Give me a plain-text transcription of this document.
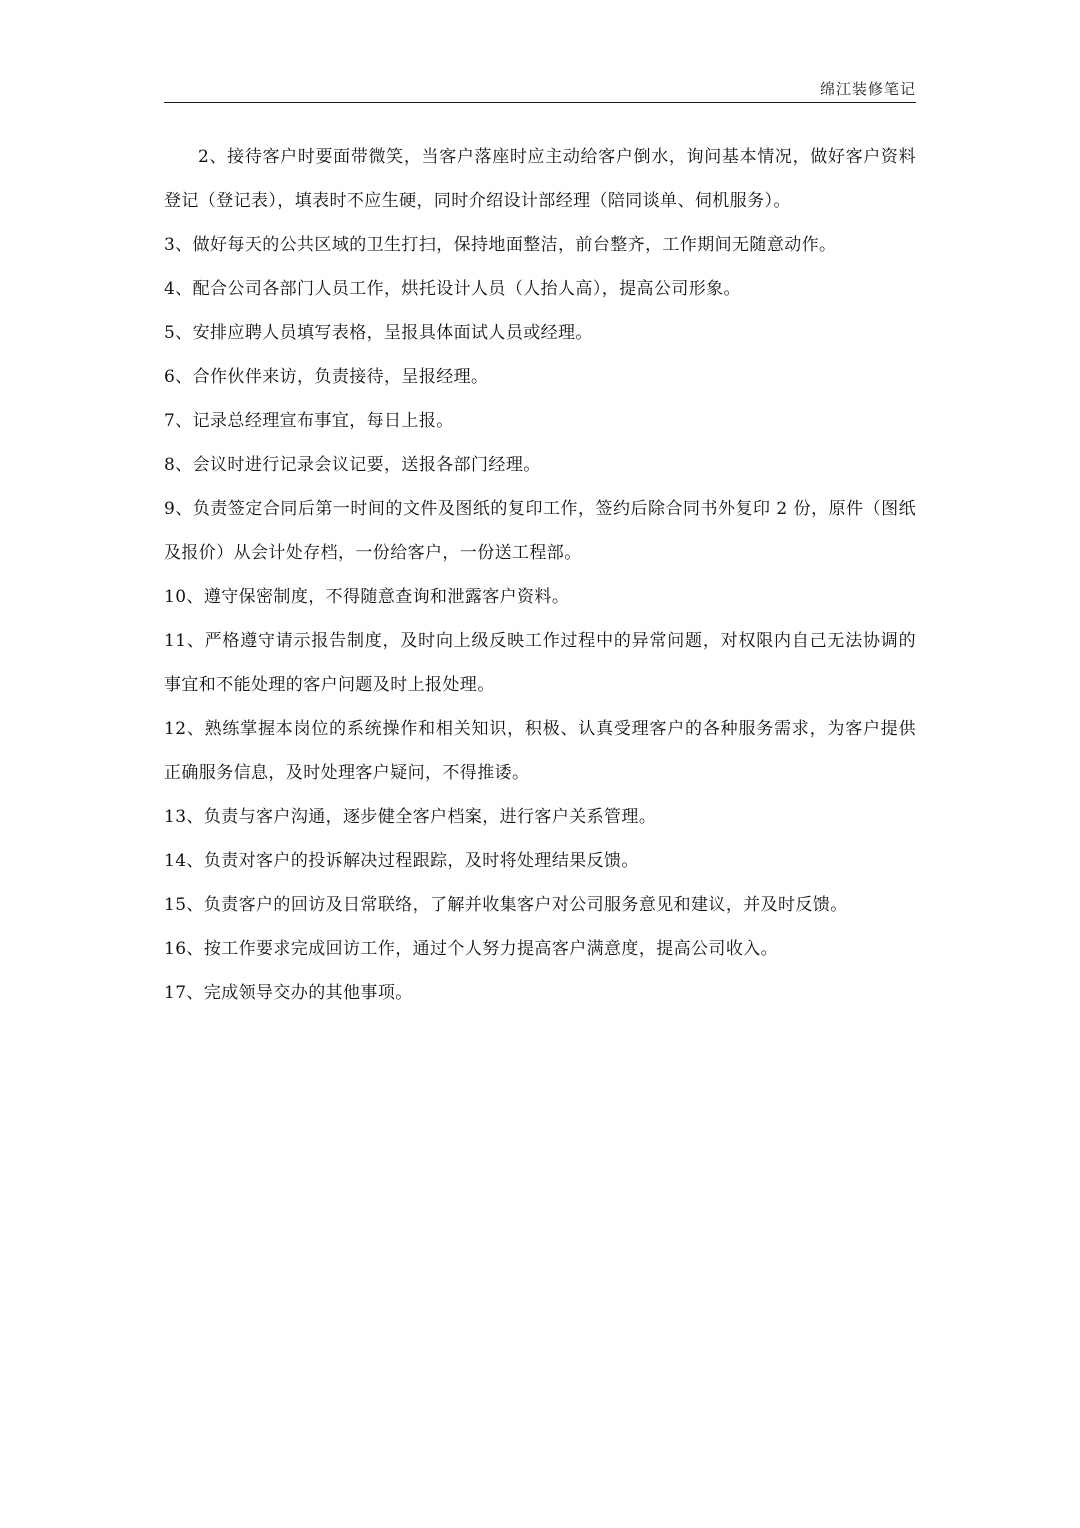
绵江装修笔记

2、接待客户时要面带微笑，当客户落座时应主动给客户倒水，询问基本情况，做好客户资料登记（登记表），填表时不应生硬，同时介绍设计部经理（陪同谈单、伺机服务）。

3、做好每天的公共区域的卫生打扫，保持地面整洁，前台整齐，工作期间无随意动作。

4、配合公司各部门人员工作，烘托设计人员（人抬人高），提高公司形象。

5、安排应聘人员填写表格，呈报具体面试人员或经理。

6、合作伙伴来访，负责接待，呈报经理。

7、记录总经理宣布事宜，每日上报。

8、会议时进行记录会议记要，送报各部门经理。

9、负责签定合同后第一时间的文件及图纸的复印工作，签约后除合同书外复印 2 份，原件（图纸及报价）从会计处存档，一份给客户，一份送工程部。

10、遵守保密制度，不得随意查询和泄露客户资料。

11、严格遵守请示报告制度，及时向上级反映工作过程中的异常问题，对权限内自己无法协调的事宜和不能处理的客户问题及时上报处理。

12、熟练掌握本岗位的系统操作和相关知识，积极、认真受理客户的各种服务需求，为客户提供正确服务信息，及时处理客户疑问，不得推诿。

13、负责与客户沟通，逐步健全客户档案，进行客户关系管理。

14、负责对客户的投诉解决过程跟踪，及时将处理结果反馈。

15、负责客户的回访及日常联络，了解并收集客户对公司服务意见和建议，并及时反馈。

16、按工作要求完成回访工作，通过个人努力提高客户满意度，提高公司收入。

17、完成领导交办的其他事项。
